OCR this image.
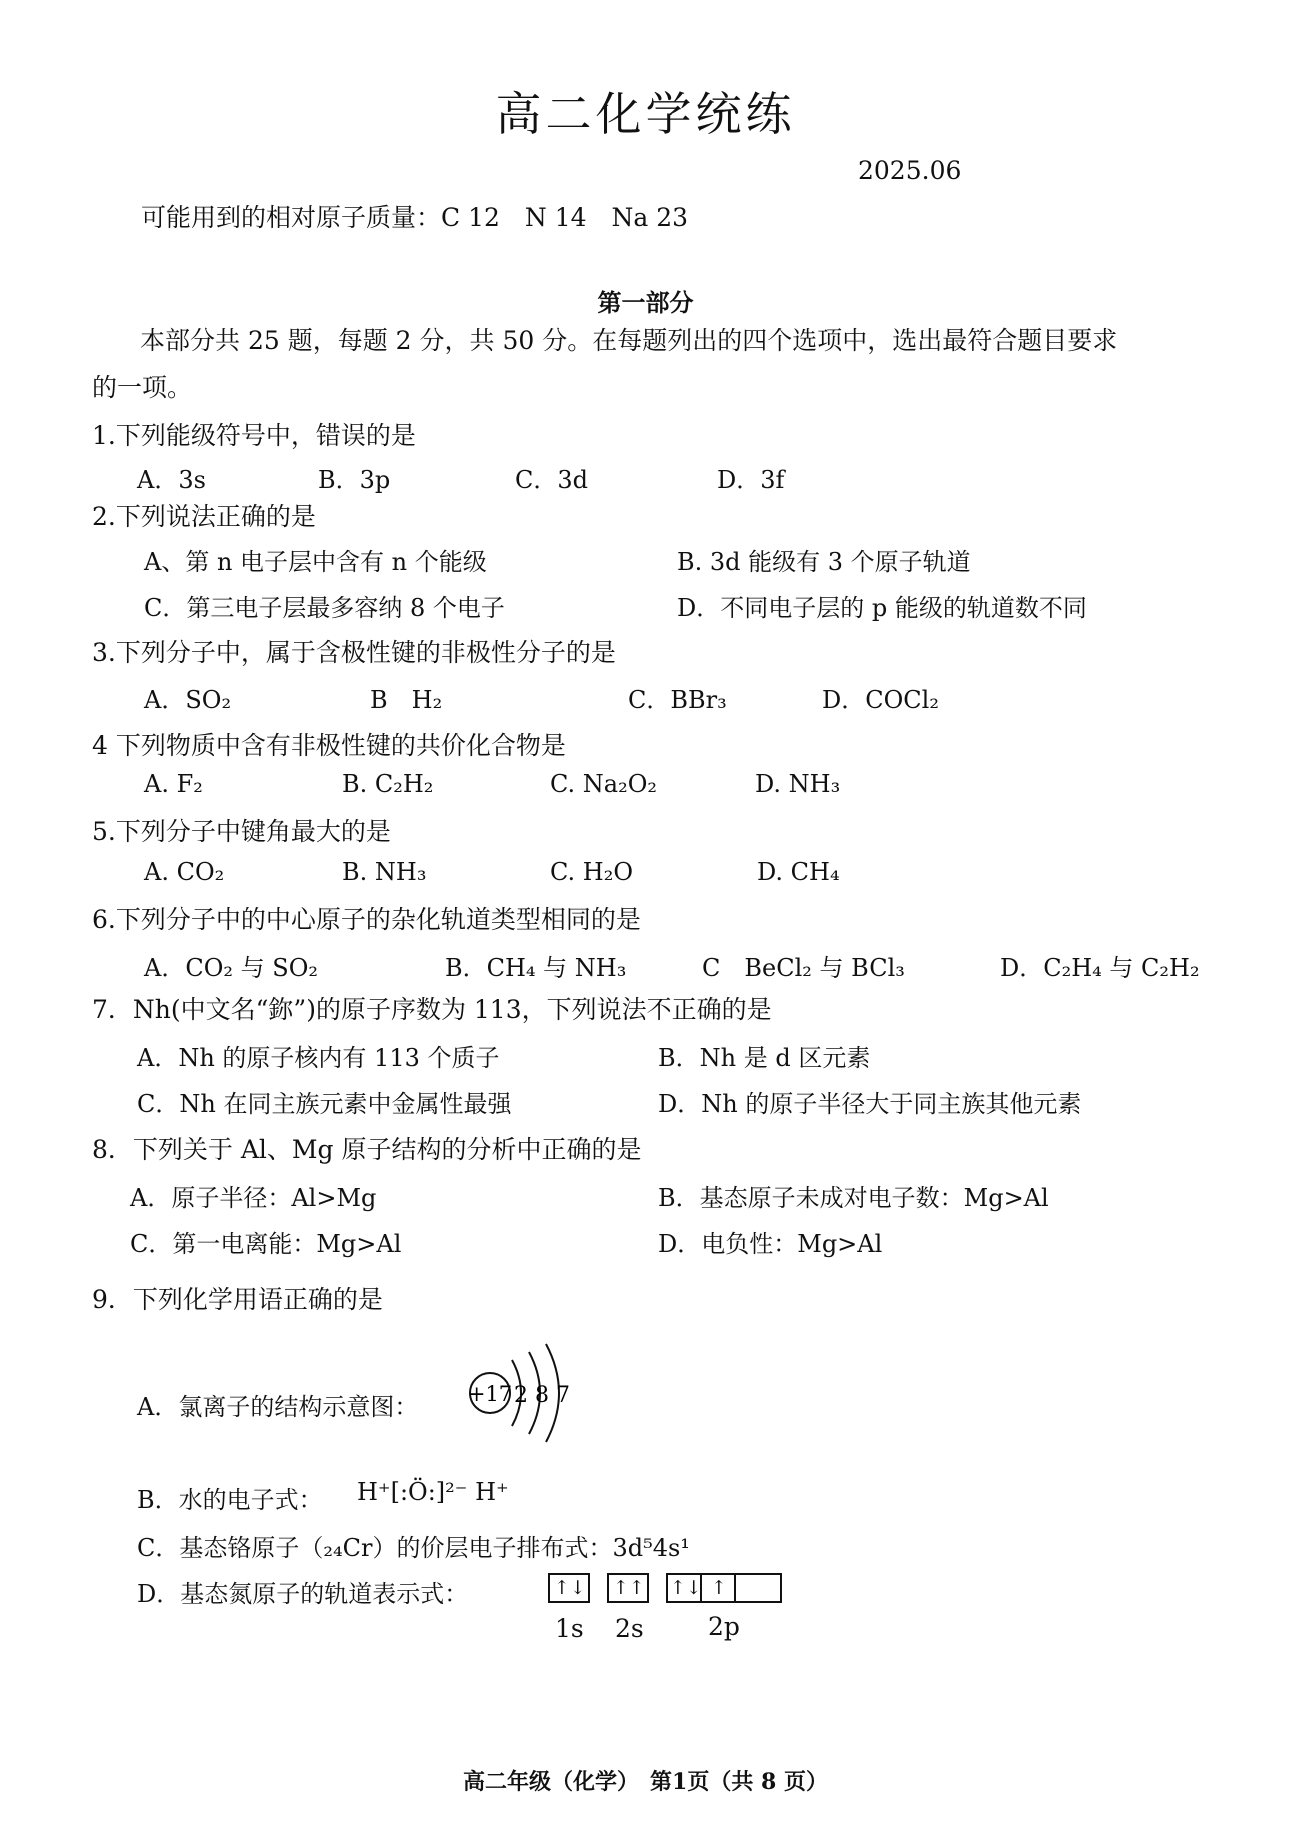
高二化学统练
2025.06
可能用到的相对原子质量：C 12　N 14　Na 23
第一部分
本部分共 25 题，每题 2 分，共 50 分。在每题列出的四个选项中，选出最符合题目要求
的一项。
1.下列能级符号中，错误的是
A．3s	B．3p	C．3d	D．3f
2.下列说法正确的是
A、第 n 电子层中含有 n 个能级	B. 3d 能级有 3 个原子轨道
C．第三电子层最多容纳 8 个电子	D．不同电子层的 p 能级的轨道数不同
3.下列分子中，属于含极性键的非极性分子的是
A．SO₂	B　H₂	C．BBr₃	D．COCl₂
4 下列物质中含有非极性键的共价化合物是
A. F₂	B. C₂H₂	C. Na₂O₂	D. NH₃
5.下列分子中键角最大的是
A. CO₂	B. NH₃	C. H₂O	D. CH₄
6.下列分子中的中心原子的杂化轨道类型相同的是
A．CO₂ 与 SO₂	B．CH₄ 与 NH₃	C　BeCl₂ 与 BCl₃	D．C₂H₄ 与 C₂H₂
7．Nh(中文名“鉨”)的原子序数为 113，下列说法不正确的是
A．Nh 的原子核内有 113 个质子	B．Nh 是 d 区元素
C．Nh 在同主族元素中金属性最强	D．Nh 的原子半径大于同主族其他元素
8．下列关于 Al、Mg 原子结构的分析中正确的是
A．原子半径：Al>Mg	B．基态原子未成对电子数：Mg>Al
C．第一电离能：Mg>Al	D．电负性：Mg>Al
9．下列化学用语正确的是
A．氯离子的结构示意图： +17 2 8 7
B．水的电子式： H⁺[:Ö:]²⁻ H⁺
C．基态铬原子（₂₄Cr）的价层电子排布式：3d⁵4s¹
D．基态氮原子的轨道表示式：	↑↓ ↑↑ ↑↓ ↑
1s 2s	2p
高二年级（化学）　第1页（共 8 页）
